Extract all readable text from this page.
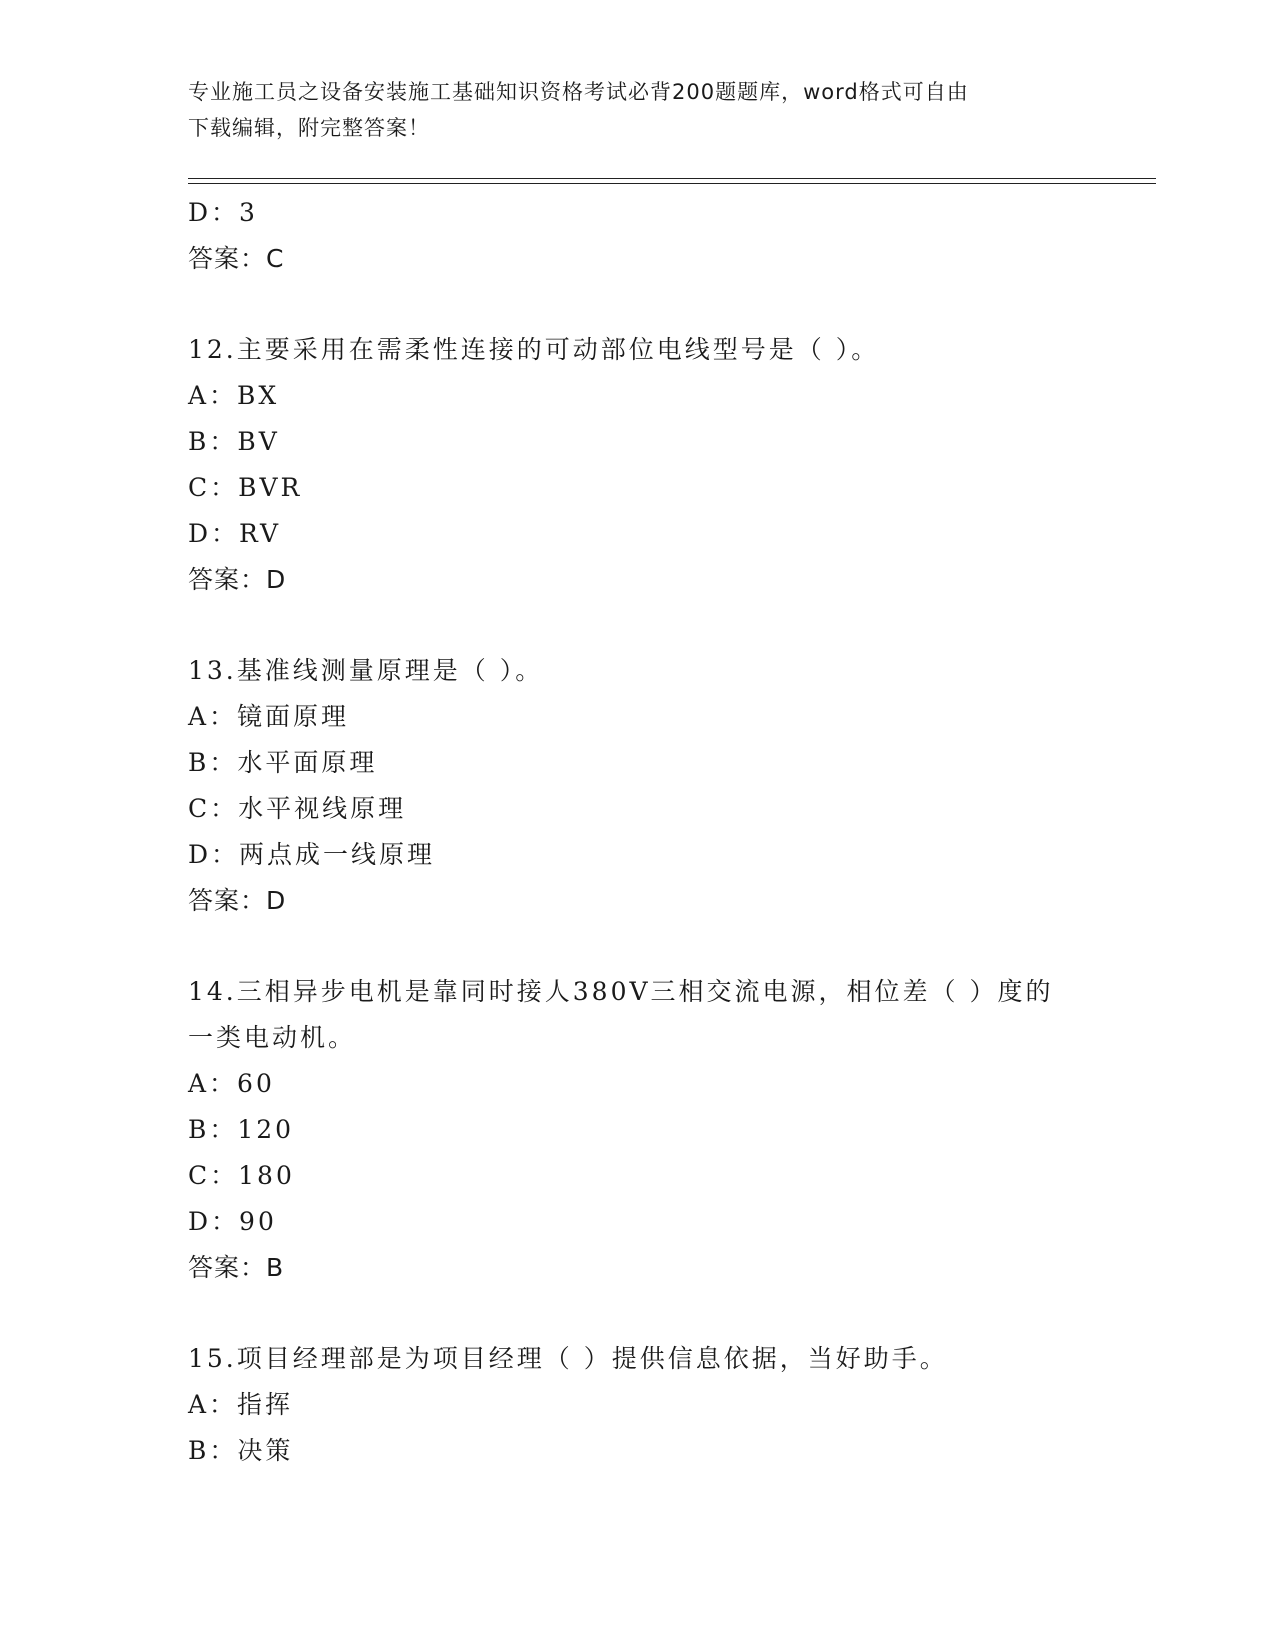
专业施工员之设备安装施工基础知识资格考试必背200题题库，word格式可自由
下载编辑，附完整答案！
D：3
答案：C
12.主要采用在需柔性连接的可动部位电线型号是（ ）。
A：BX
B：BV
C：BVR
D：RV
答案：D
13.基准线测量原理是（ ）。
A：镜面原理
B：水平面原理
C：水平视线原理
D：两点成一线原理
答案：D
14.三相异步电机是靠同时接人380V三相交流电源，相位差（ ）度的
一类电动机。
A：60
B：120
C：180
D：90
答案：B
15.项目经理部是为项目经理（ ）提供信息依据，当好助手。
A：指挥
B：决策
